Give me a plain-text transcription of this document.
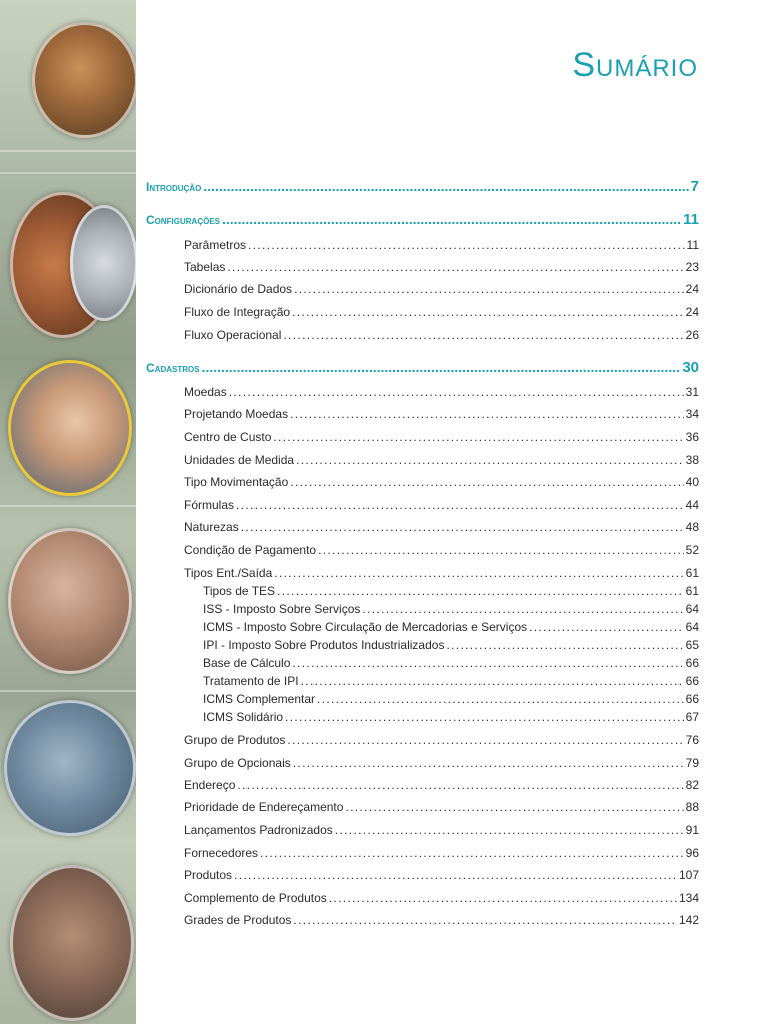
Sumário
Introdução .....	7
Configurações .....	11
Parâmetros . . .	11
Tabelas . . .	23
Dicionário de Dados . . .	24
Fluxo de Integração . . .	24
Fluxo Operacional . . .	26
Cadastros .....	30
Moedas . . .	31
Projetando Moedas . . .	34
Centro de Custo . . .	36
Unidades de Medida . . .	38
Tipo Movimentação . . .	40
Fórmulas . . .	44
Naturezas . . .	48
Condição de Pagamento . . .	52
Tipos Ent./Saída . . .	61
Tipos de TES . . .	61
ISS - Imposto Sobre Serviços . . .	64
ICMS - Imposto Sobre Circulação de Mercadorias e Serviços . . .	64
IPI - Imposto Sobre Produtos Industrializados . . .	65
Base de Cálculo . . .	66
Tratamento de IPI . . .	66
ICMS Complementar . . .	66
ICMS Solidário . . .	67
Grupo de Produtos . . .	76
Grupo de Opcionais . . .	79
Endereço . . .	82
Prioridade de Endereçamento . . .	88
Lançamentos Padronizados . . .	91
Fornecedores . . .	96
Produtos . . .	107
Complemento de Produtos . . .	134
Grades de Produtos . . .	142
